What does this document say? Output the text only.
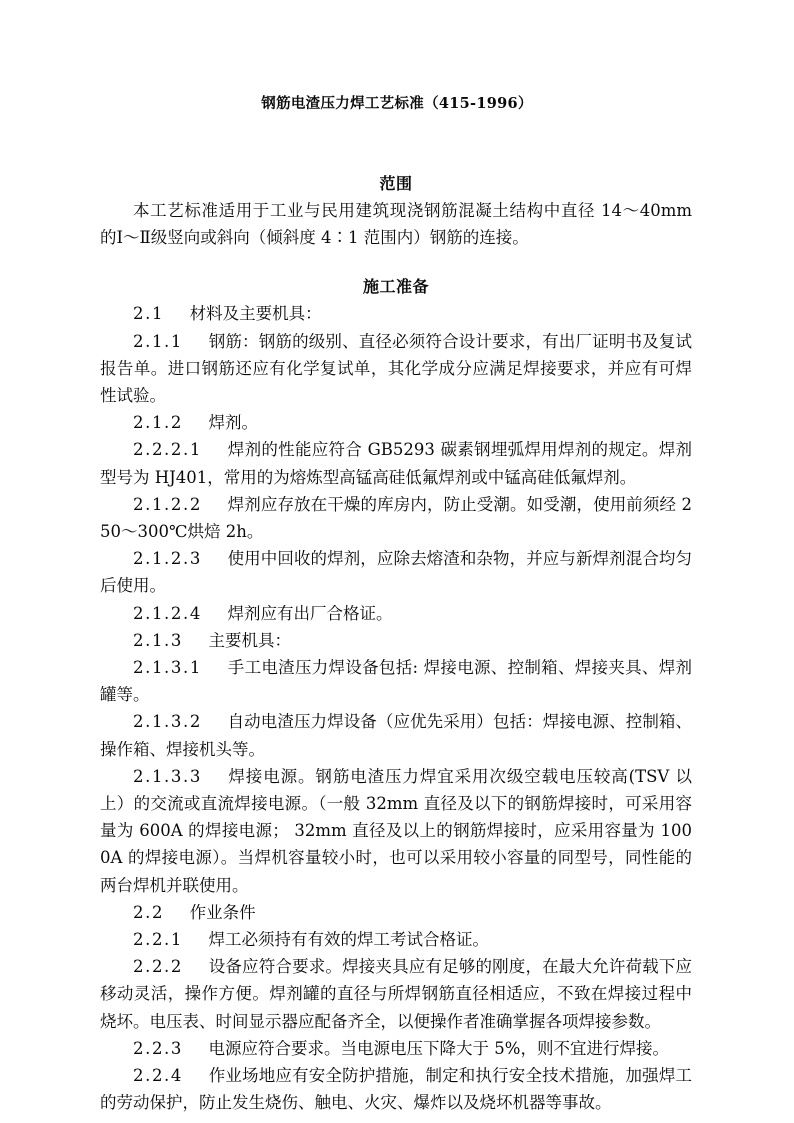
钢筋电渣压力焊工艺标准（415-1996）
范围

本工艺标准适用于工业与民用建筑现浇钢筋混凝土结构中直径 14～40mm 的Ⅰ～Ⅱ级竖向或斜向（倾斜度 4∶1 范围内）钢筋的连接。

施工准备

2.1 材料及主要机具：

2.1.1 钢筋：钢筋的级别、直径必须符合设计要求，有出厂证明书及复试报告单。进口钢筋还应有化学复试单，其化学成分应满足焊接要求，并应有可焊性试验。

2.1.2 焊剂。

2.2.2.1 焊剂的性能应符合 GB5293 碳素钢埋弧焊用焊剂的规定。焊剂型号为 HJ401，常用的为熔炼型高锰高硅低氟焊剂或中锰高硅低氟焊剂。

2.1.2.2 焊剂应存放在干燥的库房内，防止受潮。如受潮，使用前须经 250～300℃烘焙 2h。

2.1.2.3 使用中回收的焊剂，应除去熔渣和杂物，并应与新焊剂混合均匀后使用。

2.1.2.4 焊剂应有出厂合格证。

2.1.3 主要机具：

2.1.3.1 手工电渣压力焊设备包括: 焊接电源、控制箱、焊接夹具、焊剂罐等。

2.1.3.2 自动电渣压力焊设备（应优先采用）包括：焊接电源、控制箱、操作箱、焊接机头等。

2.1.3.3 焊接电源。钢筋电渣压力焊宜采用次级空载电压较高(TSV 以上）的交流或直流焊接电源。（一般 32mm 直径及以下的钢筋焊接时，可采用容量为 600A 的焊接电源； 32mm 直径及以上的钢筋焊接时，应采用容量为 1000A 的焊接电源）。当焊机容量较小时，也可以采用较小容量的同型号，同性能的两台焊机并联使用。

2.2 作业条件

2.2.1 焊工必须持有有效的焊工考试合格证。

2.2.2 设备应符合要求。焊接夹具应有足够的刚度，在最大允许荷载下应移动灵活，操作方便。焊剂罐的直径与所焊钢筋直径相适应，不致在焊接过程中烧坏。电压表、时间显示器应配备齐全，以便操作者准确掌握各项焊接参数。

2.2.3 电源应符合要求。当电源电压下降大于 5%，则不宜进行焊接。

2.2.4 作业场地应有安全防护措施，制定和执行安全技术措施，加强焊工的劳动保护，防止发生烧伤、触电、火灾、爆炸以及烧坏机器等事故。
